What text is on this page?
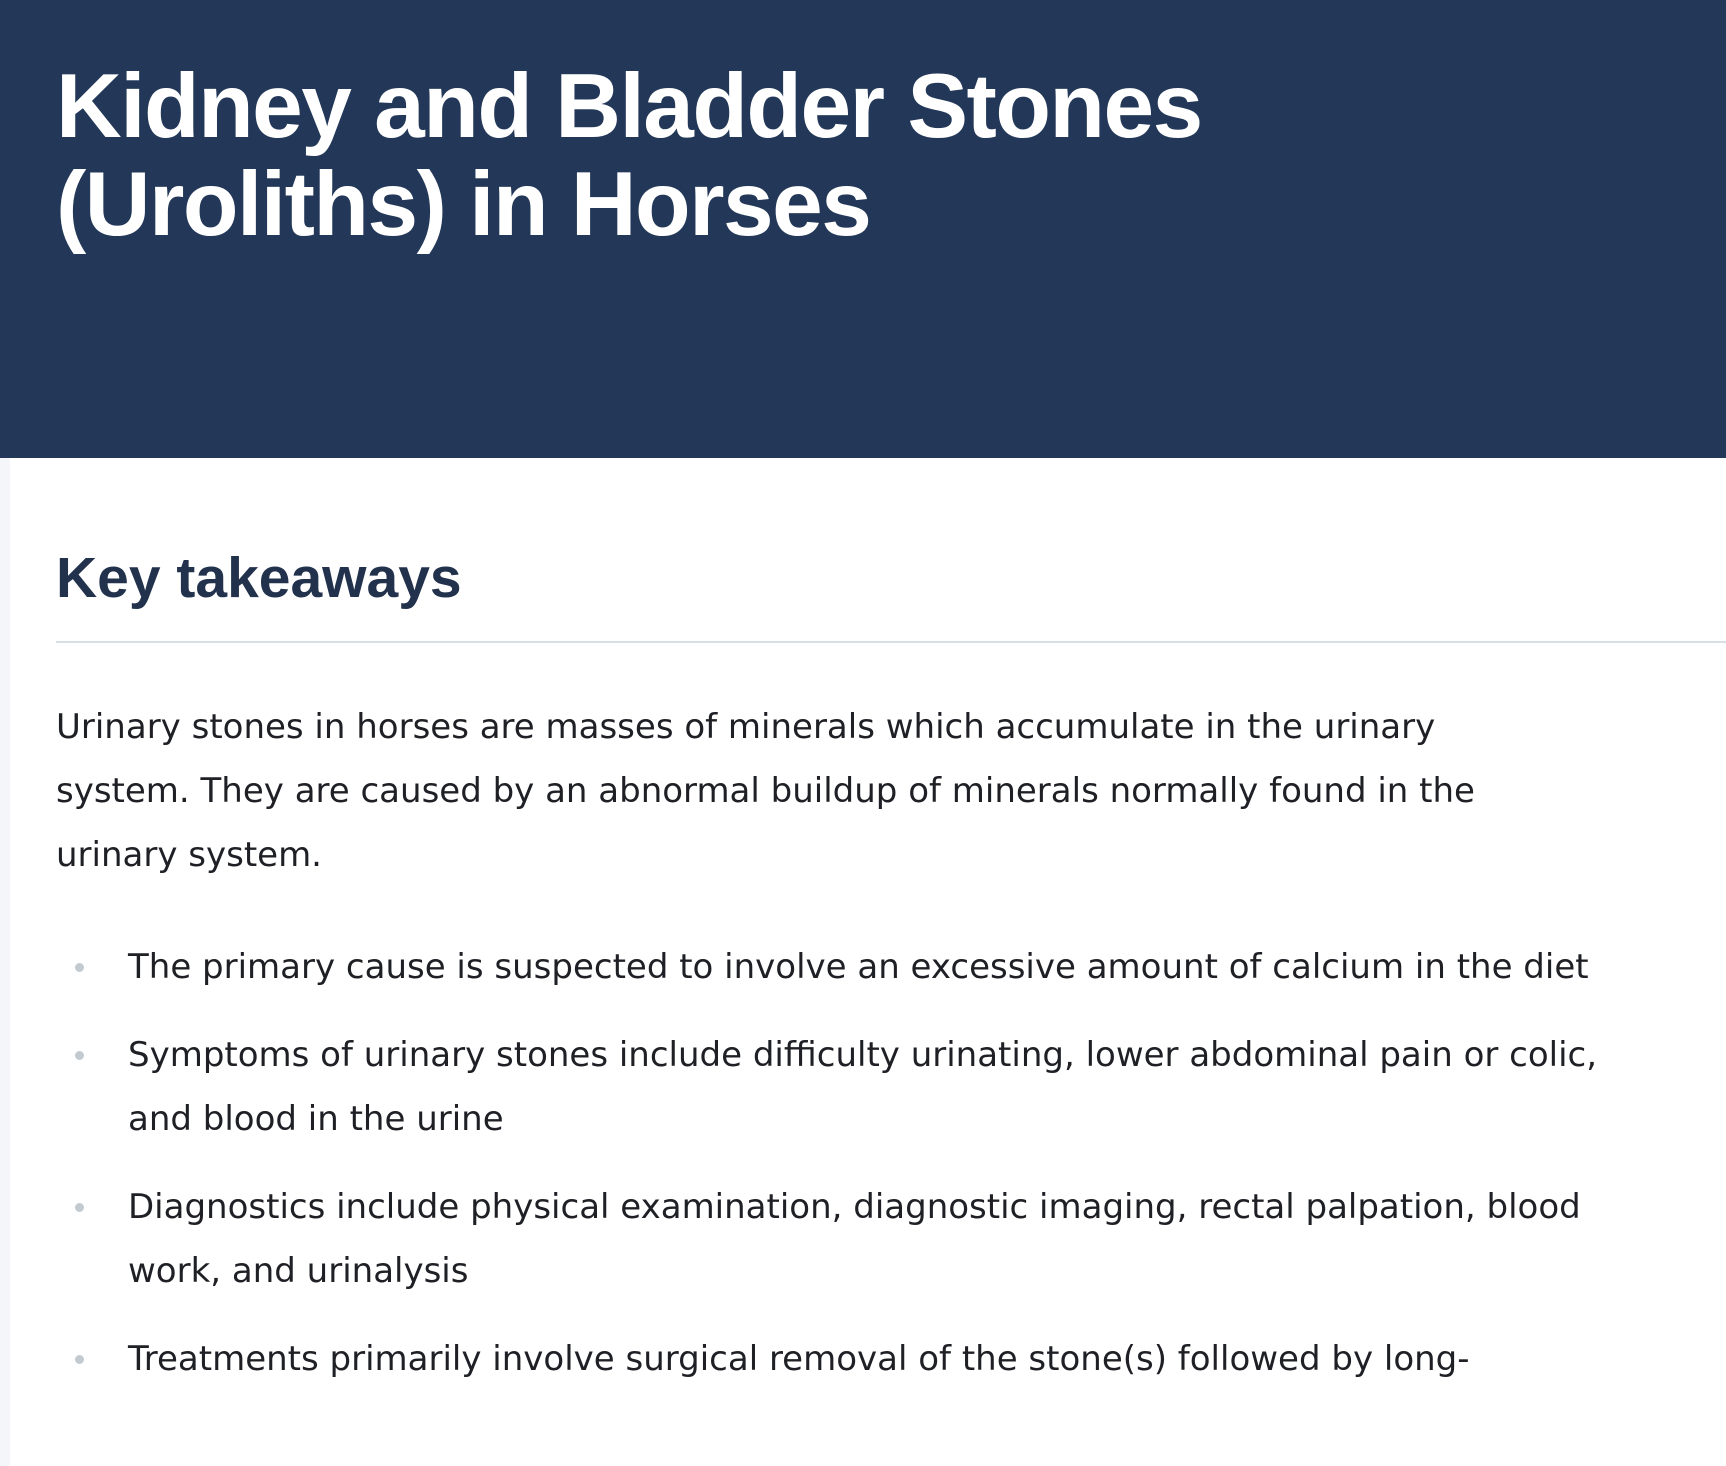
Kidney and Bladder Stones (Uroliths) in Horses
Key takeaways

Urinary stones in horses are masses of minerals which accumulate in the urinary system. They are caused by an abnormal buildup of minerals normally found in the urinary system.

The primary cause is suspected to involve an excessive amount of calcium in the diet
Symptoms of urinary stones include difficulty urinating, lower abdominal pain or colic, and blood in the urine
Diagnostics include physical examination, diagnostic imaging, rectal palpation, blood work, and urinalysis
Treatments primarily involve surgical removal of the stone(s) followed by long-
